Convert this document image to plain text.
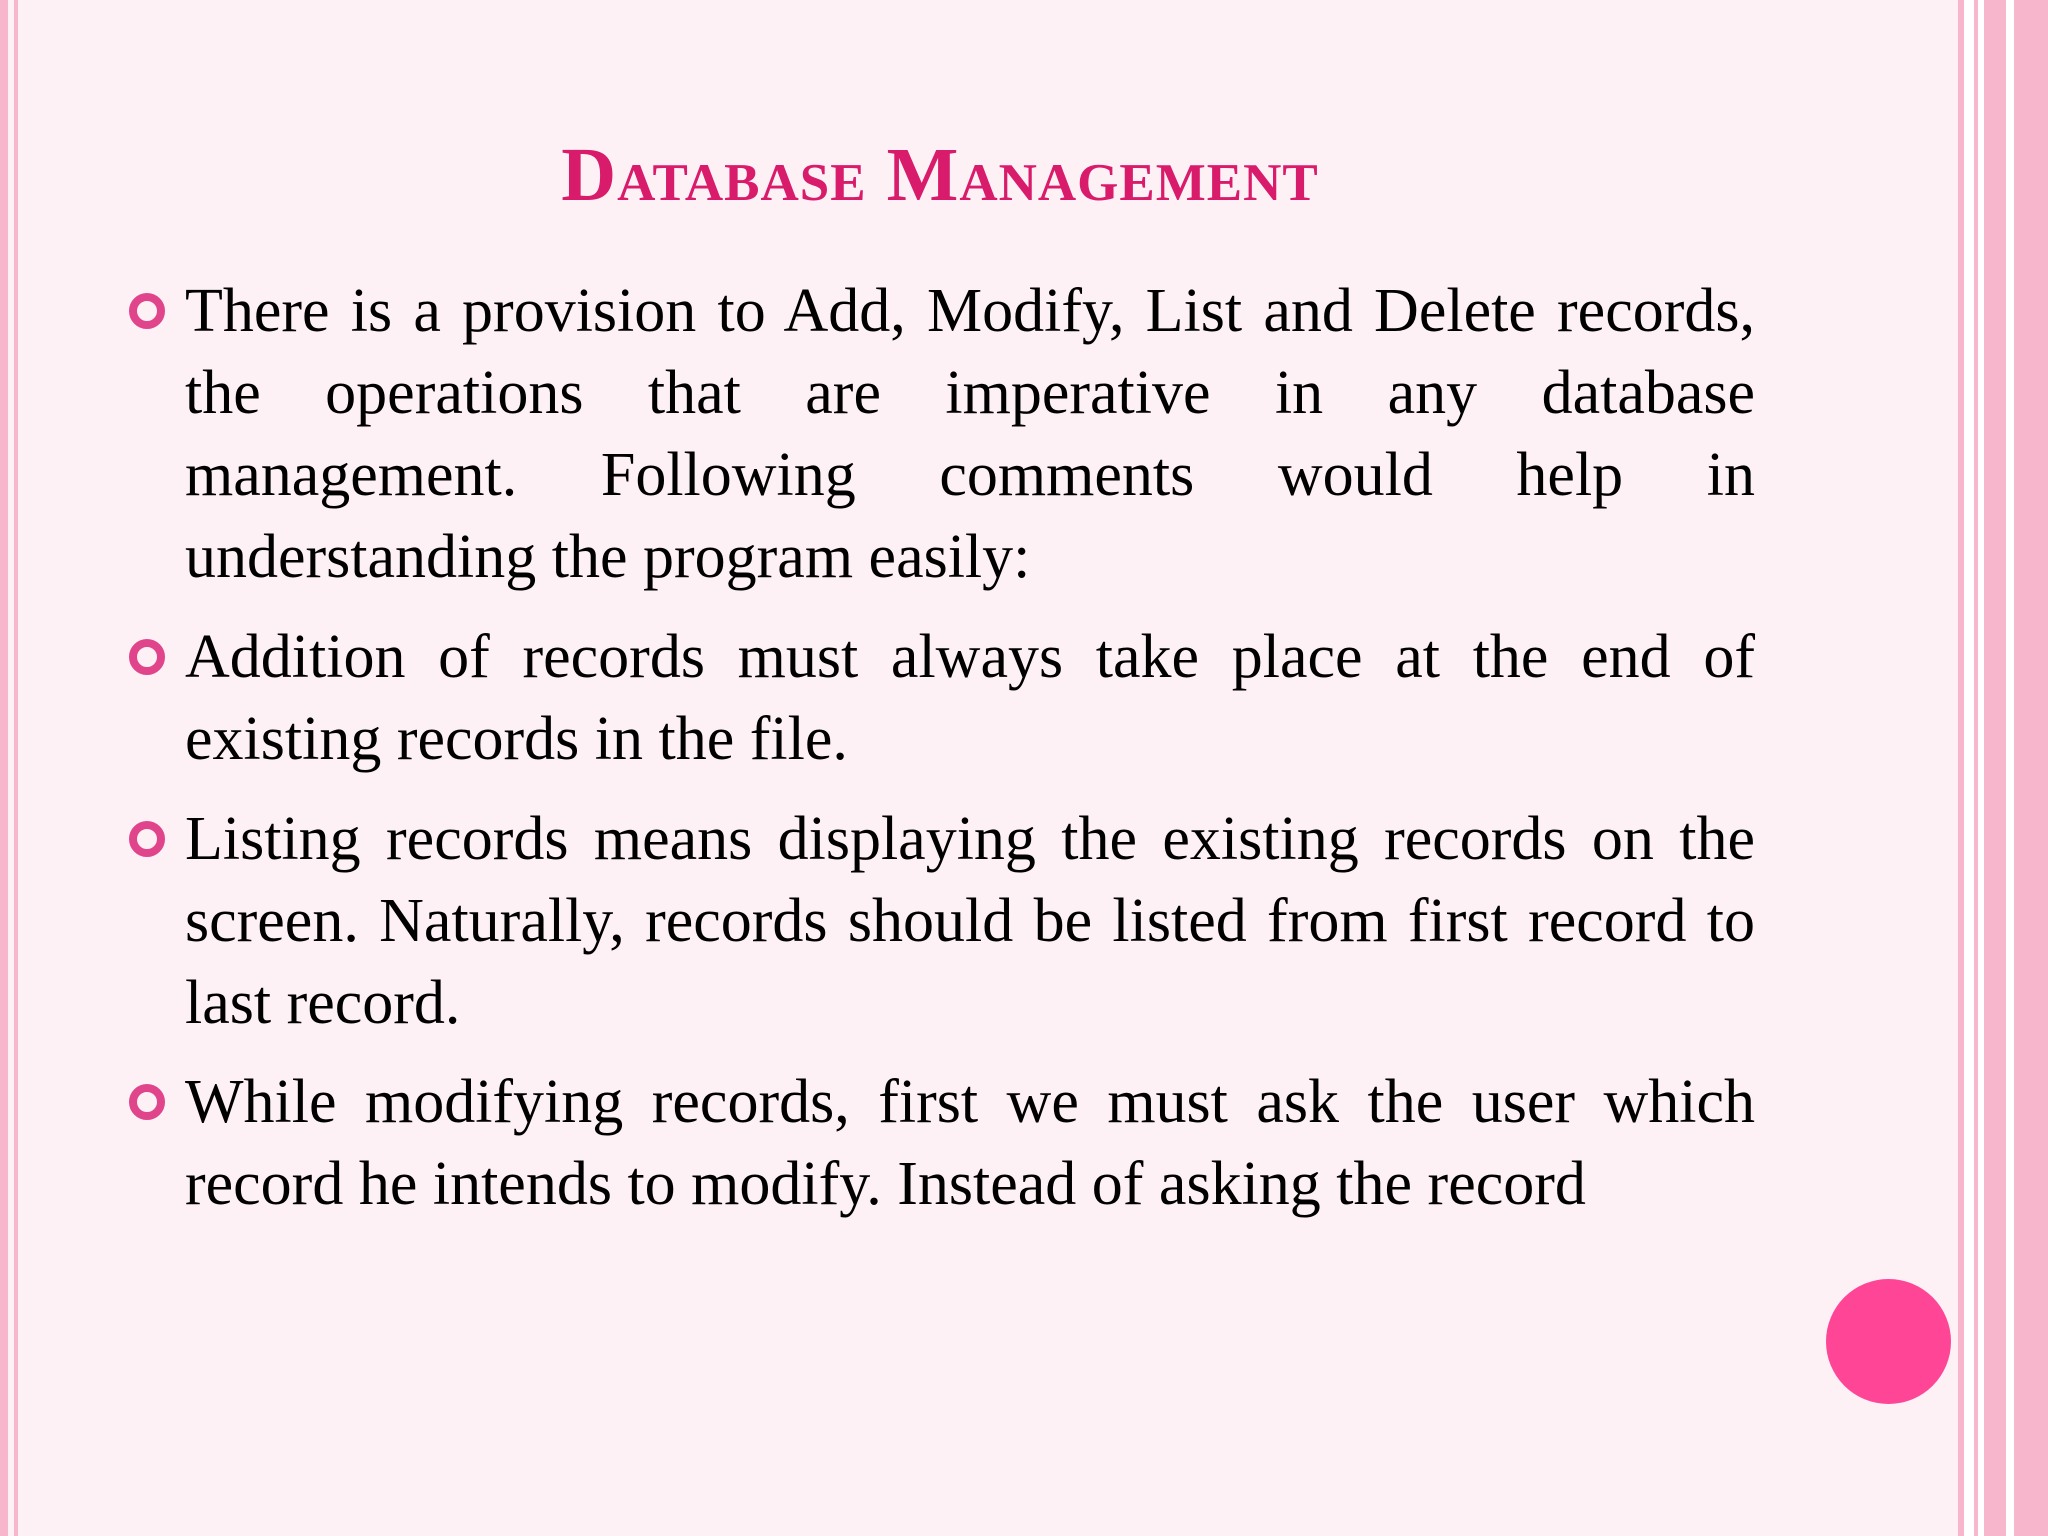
Database Management
There is a provision to Add, Modify, List and Delete records, the operations that are imperative in any database management. Following comments would help in understanding the program easily:
Addition of records must always take place at the end of existing records in the file.
Listing records means displaying the existing records on the screen. Naturally, records should be listed from first record to last record.
While modifying records, first we must ask the user which record he intends to modify. Instead of asking the record
